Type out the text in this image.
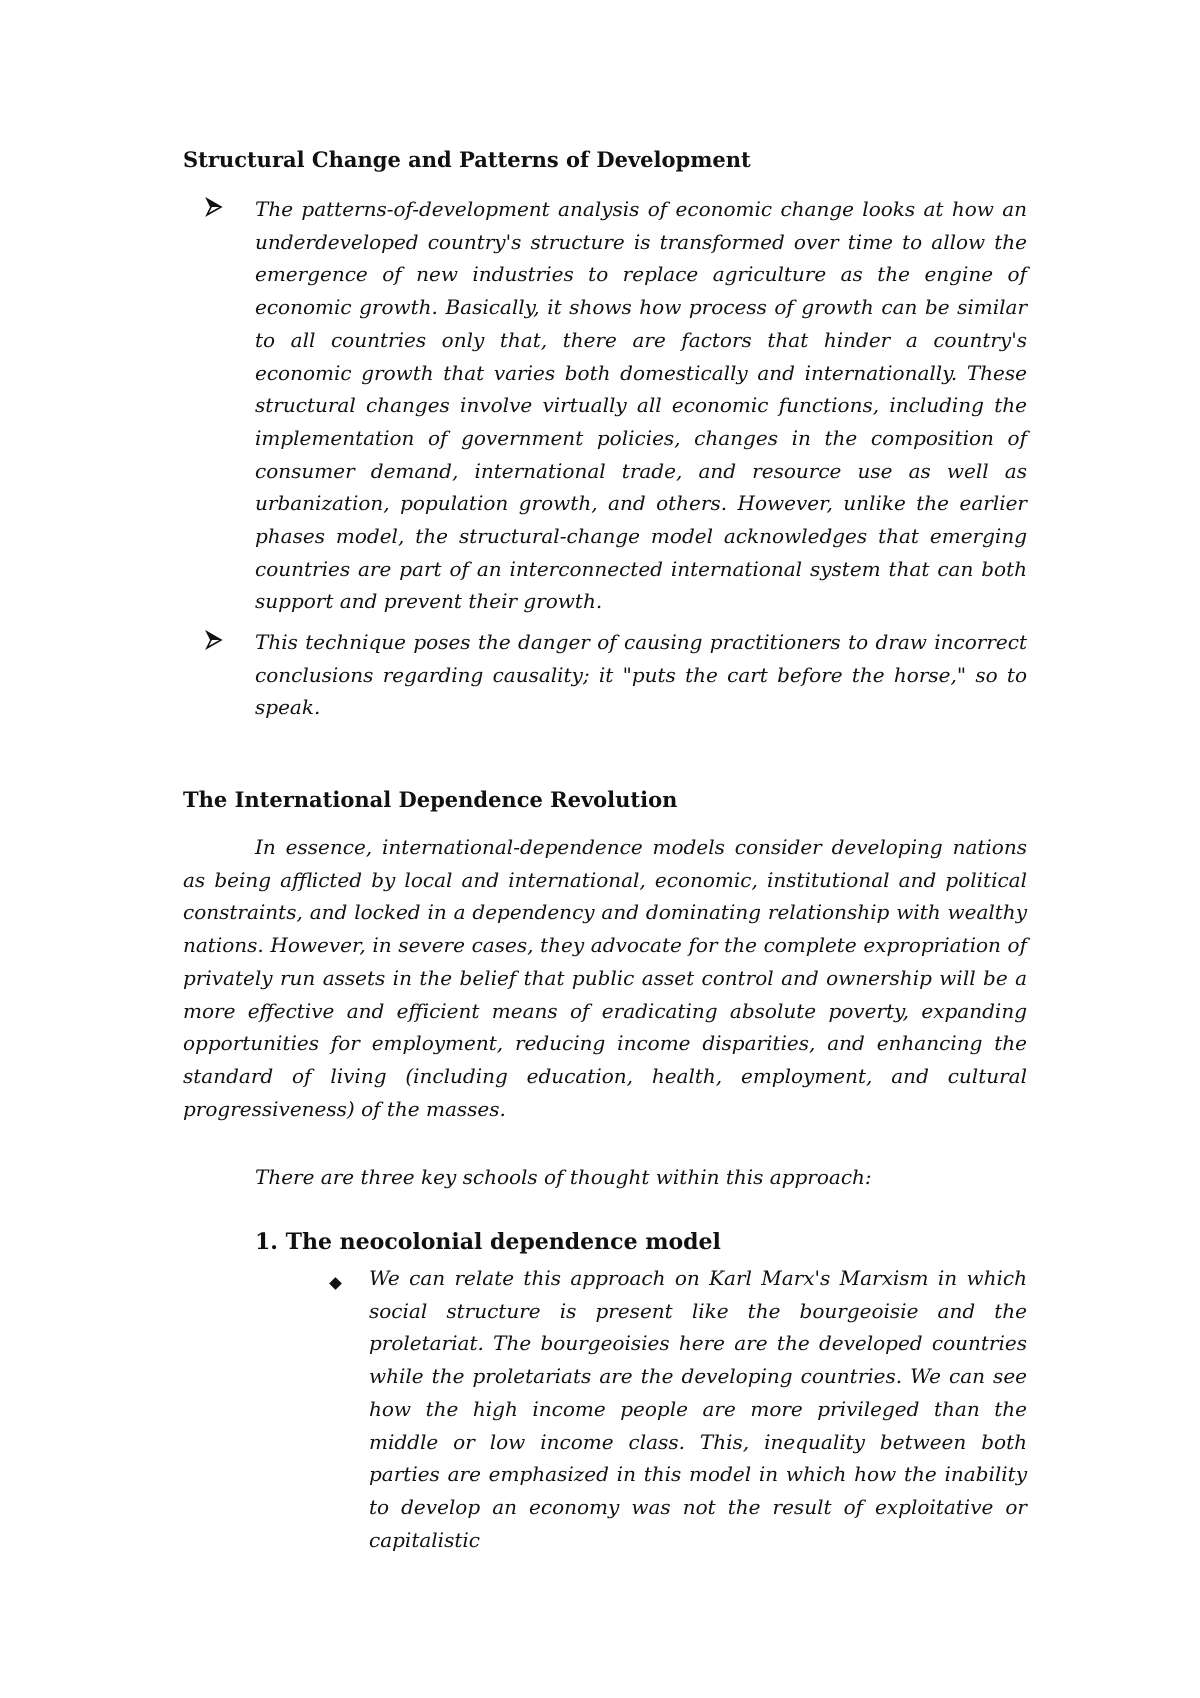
Structural Change and Patterns of Development

The patterns-of-development analysis of economic change looks at how an underdeveloped country's structure is transformed over time to allow the emergence of new industries to replace agriculture as the engine of economic growth. Basically, it shows how process of growth can be similar to all countries only that, there are factors that hinder a country's economic growth that varies both domestically and internationally. These structural changes involve virtually all economic functions, including the implementation of government policies, changes in the composition of consumer demand, international trade, and resource use as well as urbanization, population growth, and others. However, unlike the earlier phases model, the structural-change model acknowledges that emerging countries are part of an interconnected international system that can both support and prevent their growth.

This technique poses the danger of causing practitioners to draw incorrect conclusions regarding causality; it "puts the cart before the horse," so to speak.

The International Dependence Revolution

In essence, international-dependence models consider developing nations as being afflicted by local and international, economic, institutional and political constraints, and locked in a dependency and dominating relationship with wealthy nations. However, in severe cases, they advocate for the complete expropriation of privately run assets in the belief that public asset control and ownership will be a more effective and efficient means of eradicating absolute poverty, expanding opportunities for employment, reducing income disparities, and enhancing the standard of living (including education, health, employment, and cultural progressiveness) of the masses.

There are three key schools of thought within this approach:

1. The neocolonial dependence model

We can relate this approach on Karl Marx's Marxism in which social structure is present like the bourgeoisie and the proletariat. The bourgeoisies here are the developed countries while the proletariats are the developing countries. We can see how the high income people are more privileged than the middle or low income class. This, inequality between both parties are emphasized in this model in which how the inability to develop an economy was not the result of exploitative or capitalistic
